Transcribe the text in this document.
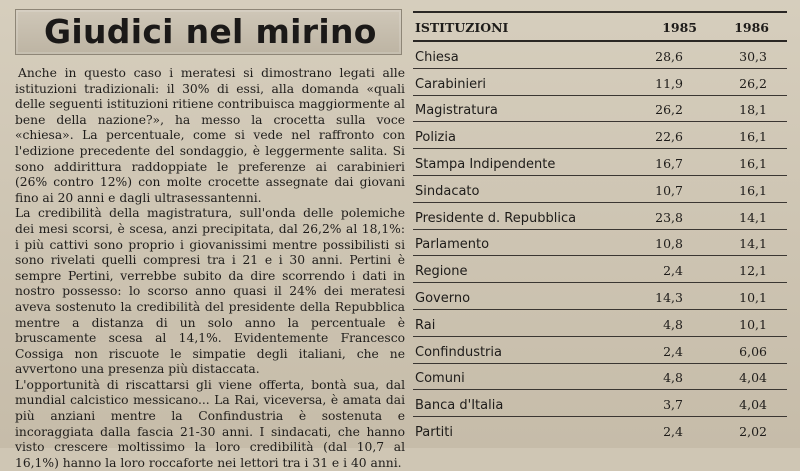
Giudici nel mirino

Anche in questo caso i meratesi si dimostrano legati alle istituzioni tradizionali: il 30% di essi, alla domanda «quali delle seguenti istituzioni ritiene contribuisca maggiormente al bene della nazione?», ha messo la crocetta sulla voce «chiesa». La percentuale, come si vede nel raffronto con l'edizione precedente del sondaggio, è leggermente salita. Si sono addirittura raddoppiate le preferenze ai carabinieri (26% contro 12%) con molte crocette assegnate dai giovani fino ai 20 anni e dagli ultrasessantenni.

La credibilità della magistratura, sull'onda delle polemiche dei mesi scorsi, è scesa, anzi precipitata, dal 26,2% al 18,1%: i più cattivi sono proprio i giovanissimi mentre possibilisti si sono rivelati quelli compresi tra i 21 e i 30 anni. Pertini è sempre Pertini, verrebbe subito da dire scorrendo i dati in nostro possesso: lo scorso anno quasi il 24% dei meratesi aveva sostenuto la credibilità del presidente della Repubblica mentre a distanza di un solo anno la percentuale è bruscamente scesa al 14,1%. Evidentemente Francesco Cossiga non riscuote le simpatie degli italiani, che ne avvertono una presenza più distaccata.

L'opportunità di riscattarsi gli viene offerta, bontà sua, dal mundial calcistico messicano... La Rai, viceversa, è amata dai più anziani mentre la Confindustria è sostenuta e incoraggiata dalla fascia 21-30 anni. I sindacati, che hanno visto crescere moltissimo la loro credibilità (dal 10,7 al 16,1%) hanno la loro roccaforte nei lettori tra i 31 e i 40 anni.

ISTITUZIONI	1985	1986
Chiesa	28,6	30,3
Carabinieri	11,9	26,2
Magistratura	26,2	18,1
Polizia	22,6	16,1
Stampa Indipendente	16,7	16,1
Sindacato	10,7	16,1
Presidente d. Repubblica	23,8	14,1
Parlamento	10,8	14,1
Regione	2,4	12,1
Governo	14,3	10,1
Rai	4,8	10,1
Confindustria	2,4	6,06
Comuni	4,8	4,04
Banca d'Italia	3,7	4,04
Partiti	2,4	2,02
